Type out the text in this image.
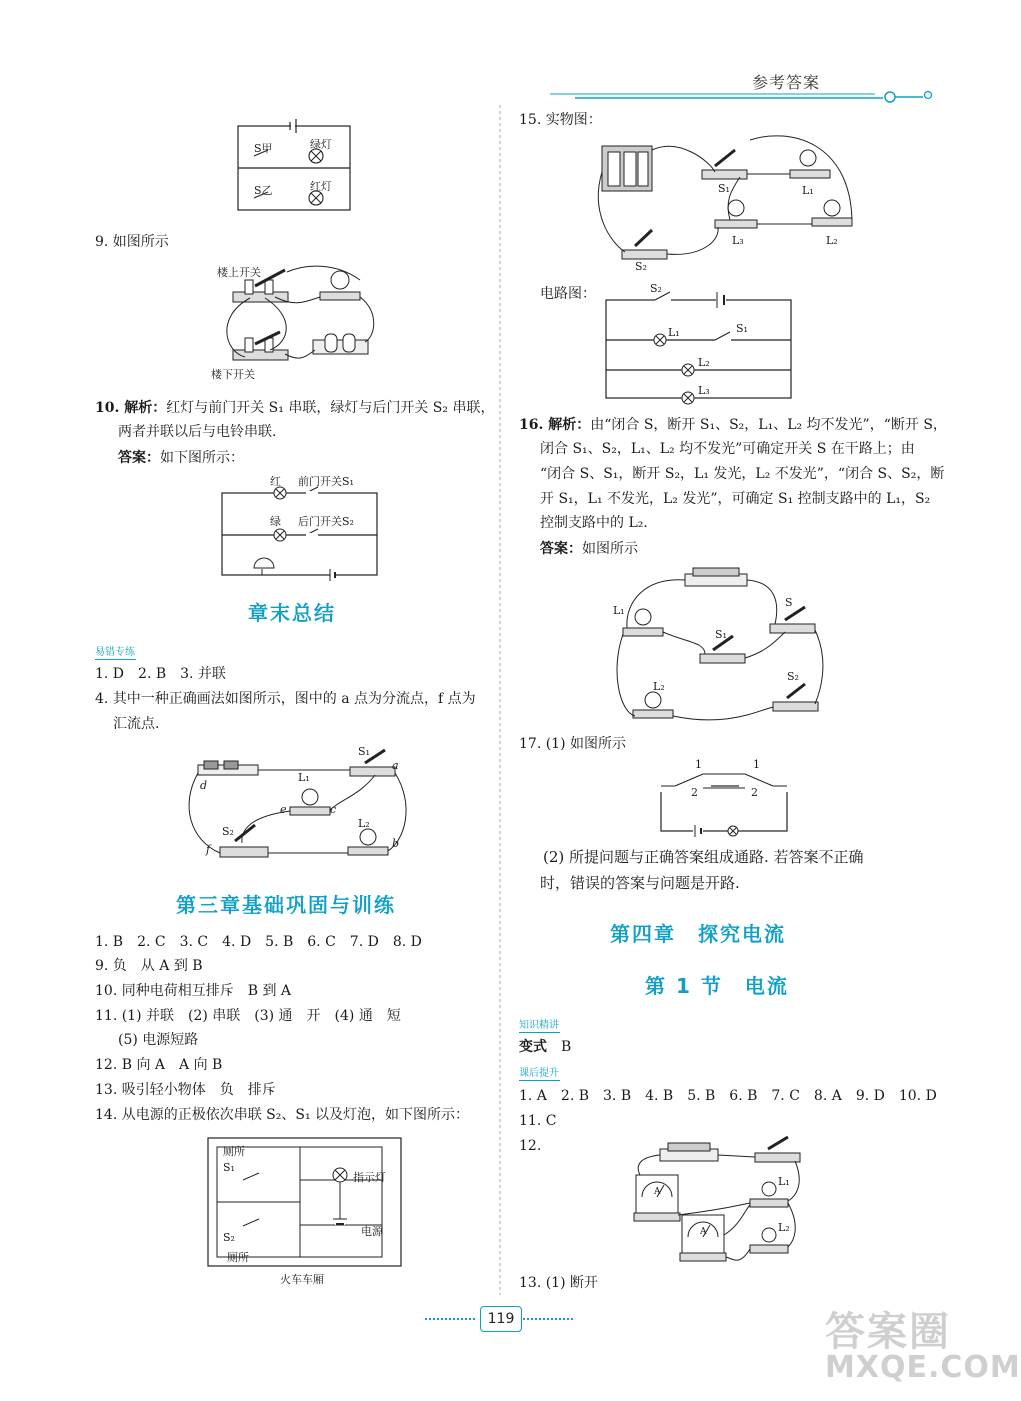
参考答案
S甲	绿灯
S乙	红灯
9. 如图所示
楼上开关
楼下开关
10. 解析：红灯与前门开关 S₁ 串联，绿灯与后门开关 S₂ 串联，
两者并联以后与电铃串联.
答案：如下图所示：
红 前门开关S₁
绿 后门开关S₂
章末总结
易错专练
1. D　2. B　3. 并联
4. 其中一种正确画法如图所示，图中的 a 点为分流点，f 点为
汇流点.
S₁
L₁
S₂
L₂
a
b
c
d
e
f
第三章基础巩固与训练
1. B　2. C　3. C　4. D　5. B　6. C　7. D　8. D
9. 负　从 A 到 B
10. 同种电荷相互排斥　B 到 A
11. (1) 并联　(2) 串联　(3) 通　开　(4) 通　短
(5) 电源短路
12. B 向 A　A 向 B
13. 吸引轻小物体　负　排斥
14. 从电源的正极依次串联 S₂、S₁ 以及灯泡，如下图所示：
厕所
S₁
指示灯
电源
S₂
厕所
火车车厢
15. 实物图：
S₁	L₁
L₃	L₂
S₂
电路图：	S₂
L₁	S₁
L₂
L₃
16. 解析：由“闭合 S，断开 S₁、S₂，L₁、L₂ 均不发光”，“断开 S，
闭合 S₁、S₂，L₁、L₂ 均不发光”可确定开关 S 在干路上；由
“闭合 S、S₁，断开 S₂，L₁ 发光，L₂ 不发光”，“闭合 S、S₂，断
开 S₁，L₁ 不发光，L₂ 发光”，可确定 S₁ 控制支路中的 L₁，S₂
控制支路中的 L₂.
答案：如图所示
L₁
S
S₁
L₂
S₂
17. (1) 如图所示
1	1
2	2
(2) 所提问题与正确答案组成通路. 若答案不正确
时，错误的答案与问题是开路.
第四章　探究电流
第 1 节　电流
知识精讲
变式　 B
课后提升
1. A　2. B　3. B　4. B　5. B　6. B　7. C　8. A　9. D　10. D
11. C
12.
L₁
L₂
A
A
13. (1) 断开
119	答案圈
MXQE.COM
